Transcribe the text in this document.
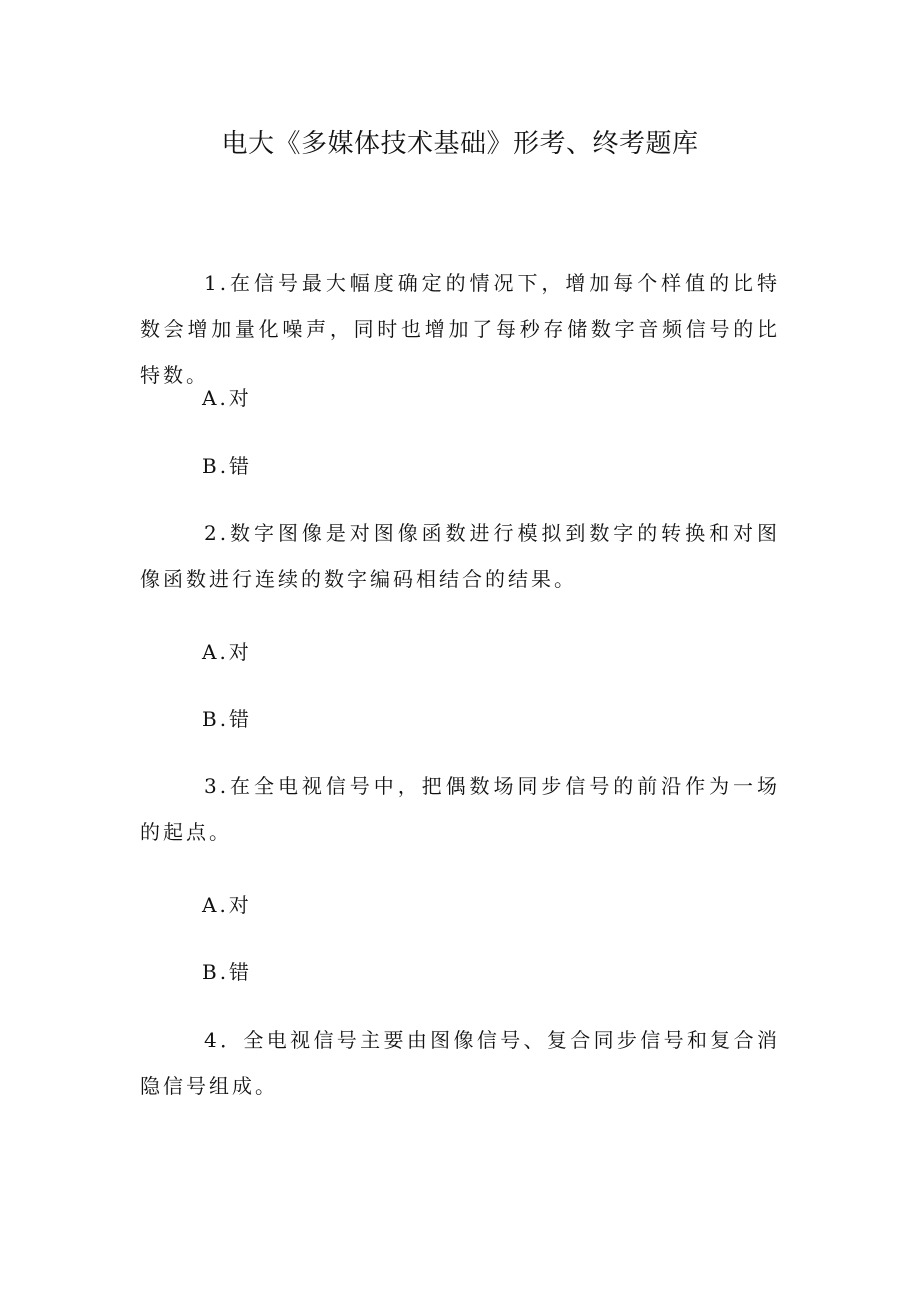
电大《多媒体技术基础》形考、终考题库

1.在信号最大幅度确定的情况下，增加每个样值的比特数会增加量化噪声，同时也增加了每秒存储数字音频信号的比特数。

A.对

B.错

2.数字图像是对图像函数进行模拟到数字的转换和对图像函数进行连续的数字编码相结合的结果。

A.对

B.错

3.在全电视信号中，把偶数场同步信号的前沿作为一场的起点。

A.对

B.错

4．全电视信号主要由图像信号、复合同步信号和复合消隐信号组成。
